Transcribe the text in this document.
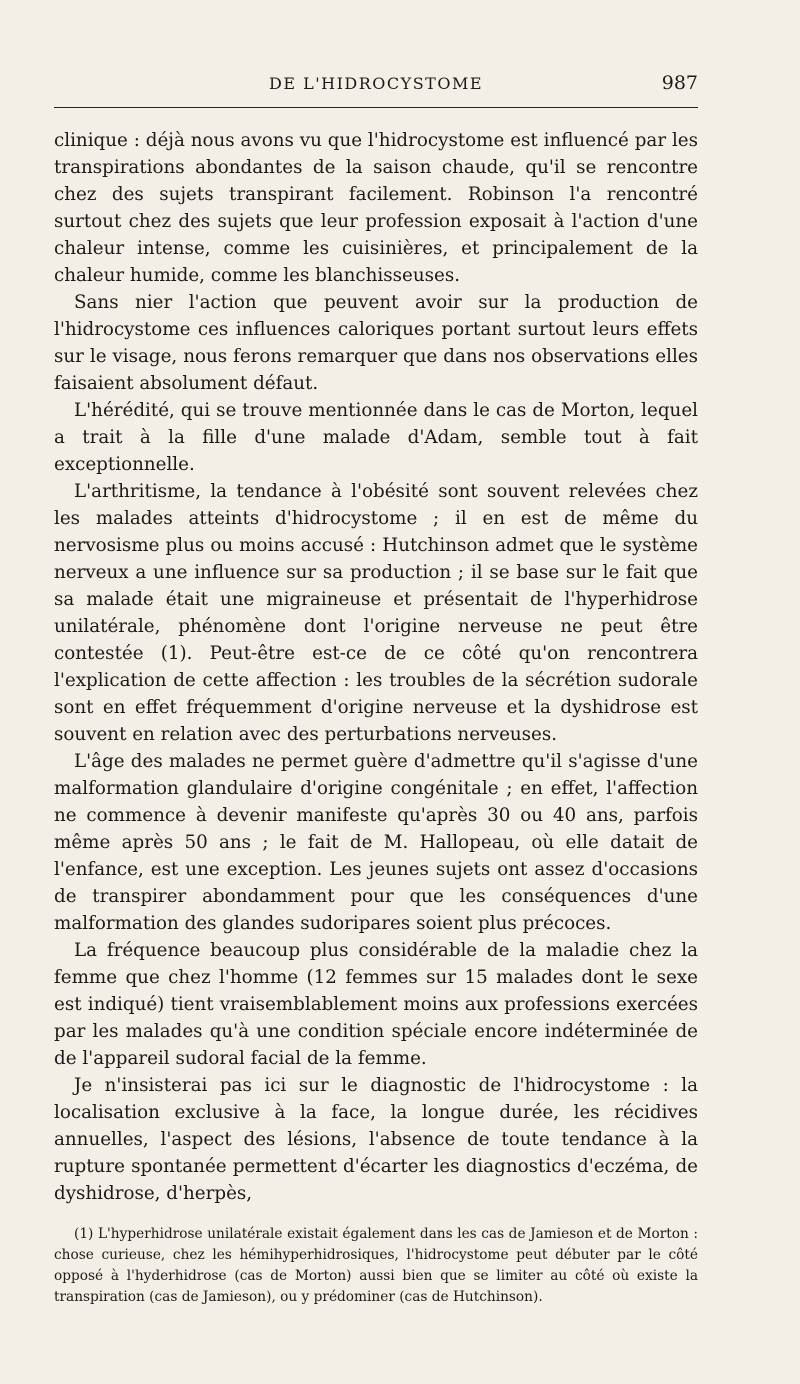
DE L'HIDROCYSTOME	987

clinique : déjà nous avons vu que l'hidrocystome est influencé par les transpirations abondantes de la saison chaude, qu'il se rencontre chez des sujets transpirant facilement. Robinson l'a rencontré surtout chez des sujets que leur profession exposait à l'action d'une chaleur intense, comme les cuisinières, et principalement de la chaleur humide, comme les blanchisseuses.

Sans nier l'action que peuvent avoir sur la production de l'hidrocystome ces influences caloriques portant surtout leurs effets sur le visage, nous ferons remarquer que dans nos observations elles faisaient absolument défaut.

L'hérédité, qui se trouve mentionnée dans le cas de Morton, lequel a trait à la fille d'une malade d'Adam, semble tout à fait exceptionnelle.

L'arthritisme, la tendance à l'obésité sont souvent relevées chez les malades atteints d'hidrocystome ; il en est de même du nervosisme plus ou moins accusé : Hutchinson admet que le système nerveux a une influence sur sa production ; il se base sur le fait que sa malade était une migraineuse et présentait de l'hyperhidrose unilatérale, phénomène dont l'origine nerveuse ne peut être contestée (1). Peut-être est-ce de ce côté qu'on rencontrera l'explication de cette affection : les troubles de la sécrétion sudorale sont en effet fréquemment d'origine nerveuse et la dyshidrose est souvent en relation avec des perturbations nerveuses.

L'âge des malades ne permet guère d'admettre qu'il s'agisse d'une malformation glandulaire d'origine congénitale ; en effet, l'affection ne commence à devenir manifeste qu'après 30 ou 40 ans, parfois même après 50 ans ; le fait de M. Hallopeau, où elle datait de l'enfance, est une exception. Les jeunes sujets ont assez d'occasions de transpirer abondamment pour que les conséquences d'une malformation des glandes sudoripares soient plus précoces.

La fréquence beaucoup plus considérable de la maladie chez la femme que chez l'homme (12 femmes sur 15 malades dont le sexe est indiqué) tient vraisemblablement moins aux professions exercées par les malades qu'à une condition spéciale encore indéterminée de de l'appareil sudoral facial de la femme.

Je n'insisterai pas ici sur le diagnostic de l'hidrocystome : la localisation exclusive à la face, la longue durée, les récidives annuelles, l'aspect des lésions, l'absence de toute tendance à la rupture spontanée permettent d'écarter les diagnostics d'eczéma, de dyshidrose, d'herpès,

(1) L'hyperhidrose unilatérale existait également dans les cas de Jamieson et de Morton : chose curieuse, chez les hémihyperhidrosiques, l'hidrocystome peut débuter par le côté opposé à l'hyderhidrose (cas de Morton) aussi bien que se limiter au côté où existe la transpiration (cas de Jamieson), ou y prédominer (cas de Hutchinson).
